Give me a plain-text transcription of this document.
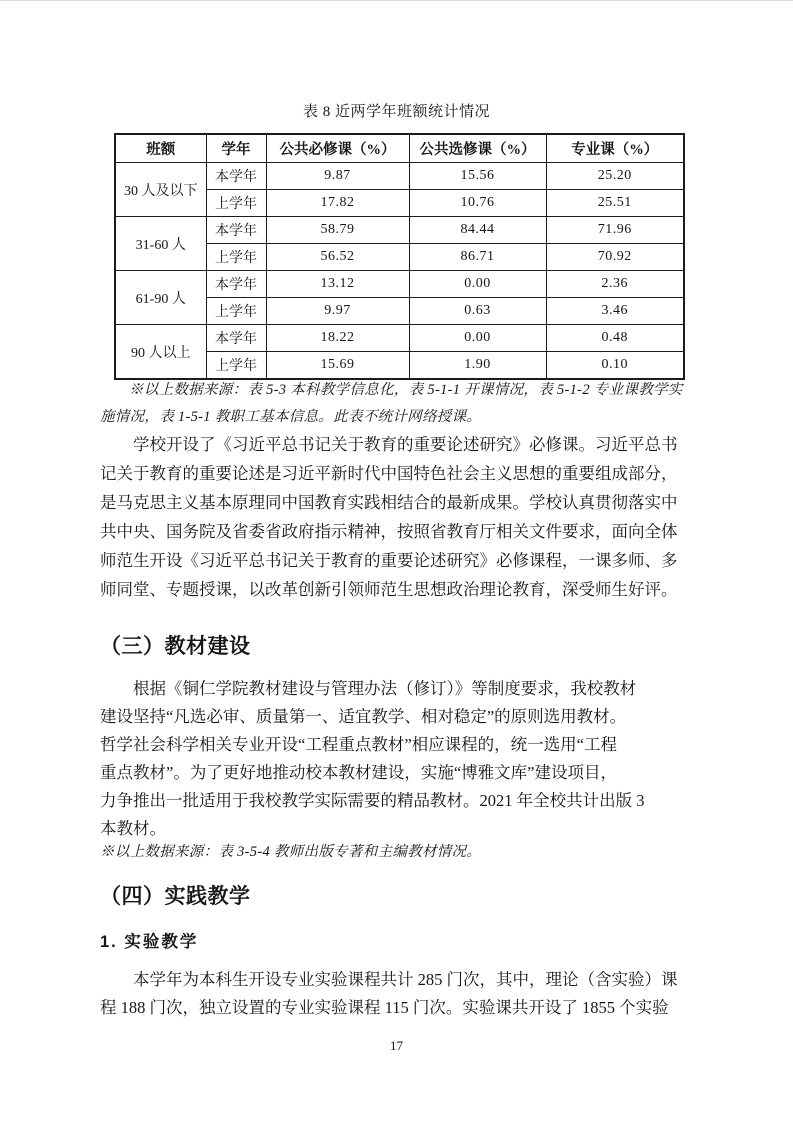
表 8 近两学年班额统计情况
班额	学年	公共必修课（%）	公共选修课（%）	专业课（%）
30 人及以下	本学年	9.87	15.56	25.20
	上学年	17.82	10.76	25.51
31-60 人	本学年	58.79	84.44	71.96
	上学年	56.52	86.71	70.92
61-90 人	本学年	13.12	0.00	2.36
	上学年	9.97	0.63	3.46
90 人以上	本学年	18.22	0.00	0.48
	上学年	15.69	1.90	0.10
※以上数据来源：表 5-3 本科教学信息化，表 5-1-1 开课情况，表 5-1-2 专业课教学实
施情况，表 1-5-1 教职工基本信息。此表不统计网络授课。
学校开设了《习近平总书记关于教育的重要论述研究》必修课。习近平总书
记关于教育的重要论述是习近平新时代中国特色社会主义思想的重要组成部分，
是马克思主义基本原理同中国教育实践相结合的最新成果。学校认真贯彻落实中
共中央、国务院及省委省政府指示精神，按照省教育厅相关文件要求，面向全体
师范生开设《习近平总书记关于教育的重要论述研究》必修课程，一课多师、多
师同堂、专题授课，以改革创新引领师范生思想政治理论教育，深受师生好评。
（三）教材建设
根据《铜仁学院教材建设与管理办法（修订）》等制度要求，我校教材
建设坚持“凡选必审、质量第一、适宜教学、相对稳定”的原则选用教材。
哲学社会科学相关专业开设“工程重点教材”相应课程的，统一选用“工程
重点教材”。为了更好地推动校本教材建设，实施“博雅文库”建设项目，
力争推出一批适用于我校教学实际需要的精品教材。2021 年全校共计出版 3
本教材。
※以上数据来源：表 3-5-4 教师出版专著和主编教材情况。
（四）实践教学
1. 实验教学
本学年为本科生开设专业实验课程共计 285 门次，其中，理论（含实验）课
程 188 门次，独立设置的专业实验课程 115 门次。实验课共开设了 1855 个实验
17
